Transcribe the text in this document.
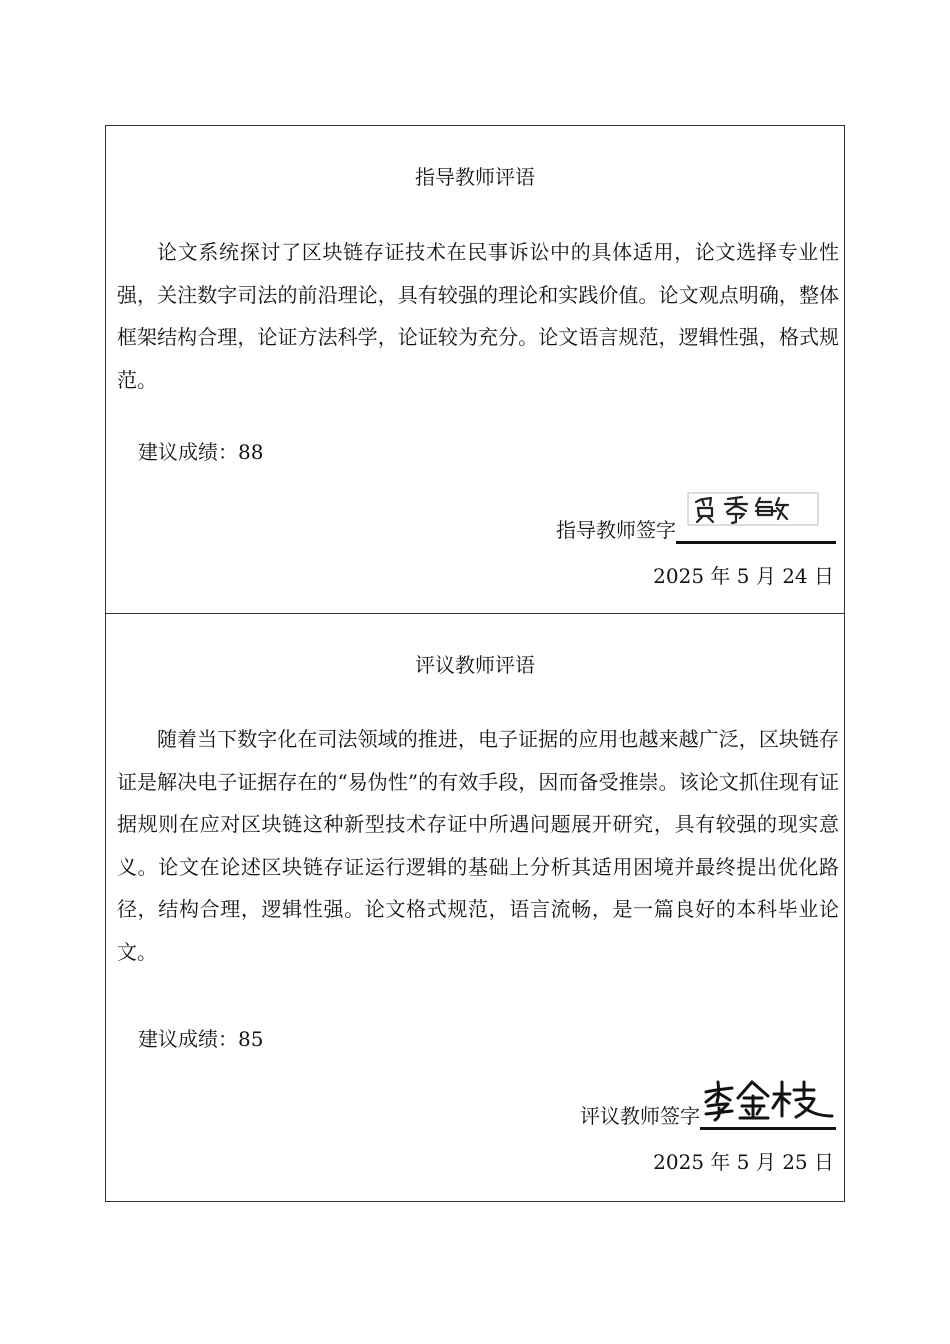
指导教师评语

论文系统探讨了区块链存证技术在民事诉讼中的具体适用，论文选择专业性强，关注数字司法的前沿理论，具有较强的理论和实践价值。论文观点明确，整体框架结构合理，论证方法科学，论证较为充分。论文语言规范，逻辑性强，格式规范。

建议成绩：88
指导教师签字
2025 年 5 月 24 日
评议教师评语

随着当下数字化在司法领域的推进，电子证据的应用也越来越广泛，区块链存证是解决电子证据存在的“易伪性”的有效手段，因而备受推崇。该论文抓住现有证据规则在应对区块链这种新型技术存证中所遇问题展开研究，具有较强的现实意义。论文在论述区块链存证运行逻辑的基础上分析其适用困境并最终提出优化路径，结构合理，逻辑性强。论文格式规范，语言流畅，是一篇良好的本科毕业论文。

建议成绩：85
评议教师签字
2025 年 5 月 25 日
